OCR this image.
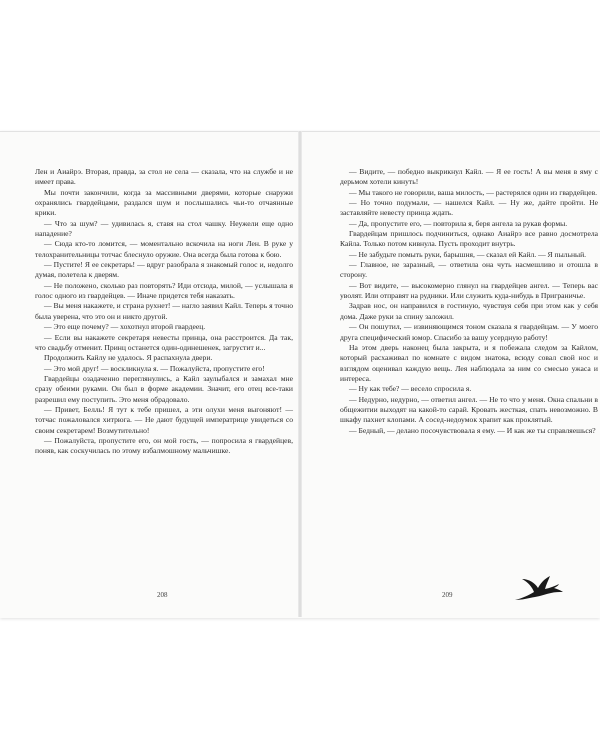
Лен и Аиайрэ. Вторая, правда, за стол не села — сказала, что на службе и не имеет права.

Мы почти закончили, когда за массивными дверями, которые снаружи охранялись гвардейцами, раздался шум и послышались чьи-то отчаянные крики.

— Что за шум? — удивилась я, ставя на стол чашку. Неужели еще одно нападение?

— Сюда кто-то ломится, — моментально вскочила на ноги Лен. В руке у телохранительницы тотчас блеснуло оружие. Она всегда была готова к бою.

— Пустите! Я ее секретарь! — вдруг разобрала я знакомый голос и, недолго думая, полетела к дверям.

— Не положено, сколько раз повторять? Иди отсюда, милой, — услышала я голос одного из гвардейцев. — Иначе придется тебя наказать.

— Вы меня накажете, и страна рухнет! — нагло заявил Кайл. Теперь я точно была уверена, что это он и никто другой.

— Это еще почему? — хохотнул второй гвардеец.

— Если вы накажете секретаря невесты принца, она расстроится. Да так, что свадьбу отменит. Принц останется один-одинешенек, загрустит и...

Продолжить Кайлу не удалось. Я распахнула двери.

— Это мой друг! — воскликнула я. — Пожалуйста, пропустите его!

Гвардейцы озадаченно переглянулись, а Кайл заулыбался и замахал мне сразу обеими руками. Он был в форме академии. Значит, его отец все-таки разрешил ему поступить. Это меня обрадовало.

— Привет, Белль! Я тут к тебе пришел, а эти олухи меня выгоняют! — тотчас пожаловался хитрюга. — Не дают будущей императрице увидеться со своим секретарем! Возмутительно!

— Пожалуйста, пропустите его, он мой гость, — попросила я гвардейцев, поняв, как соскучилась по этому взбалмошному мальчишке.

— Видите, — победно выкрикнул Кайл. — Я ее гость! А вы меня в яму с дерьмом хотели кинуть!

— Мы такого не говорили, ваша милость, — растерялся один из гвардейцев.

— Но точно подумали, — нашелся Кайл. — Ну же, дайте пройти. Не заставляйте невесту принца ждать.

— Да, пропустите его, — повторила я, беря ангела за рукав формы.

Гвардейцам пришлось подчиниться, однако Аиайрэ все равно досмотрела Кайла. Только потом кивнула. Пусть проходит внутрь.

— Не забудьте помыть руки, барышня, — сказал ей Кайл. — Я пыльный.

— Главное, не заразный, — ответила она чуть насмешливо и отошла в сторону.

— Вот видите, — высокомерно глянул на гвардейцев ангел. — Теперь вас уволят. Или отправят на рудники. Или служить куда-нибудь в Приграничье.

Задрав нос, он направился в гостиную, чувствуя себя при этом как у себя дома. Даже руки за спину заложил.

— Он пошутил, — извиняющимся тоном сказала я гвардейцам. — У моего друга специфический юмор. Спасибо за вашу усердную работу!

На этом дверь наконец была закрыта, и я побежала следом за Кайлом, который расхаживал по комнате с видом знатока, всюду совал свой нос и взглядом оценивал каждую вещь. Лея наблюдала за ним со смесью ужаса и интереса.

— Ну как тебе? — весело спросила я.

— Недурно, недурно, — ответил ангел. — Не то что у меня. Окна спальни в общежитии выходят на какой-то сарай. Кровать жесткая, спать невозможно. В шкафу пахнет клопами. А сосед-недоумок храпит как проклятый.

— Бедный, — делано посочувствовала я ему. — И как же ты справляешься?

208	209
